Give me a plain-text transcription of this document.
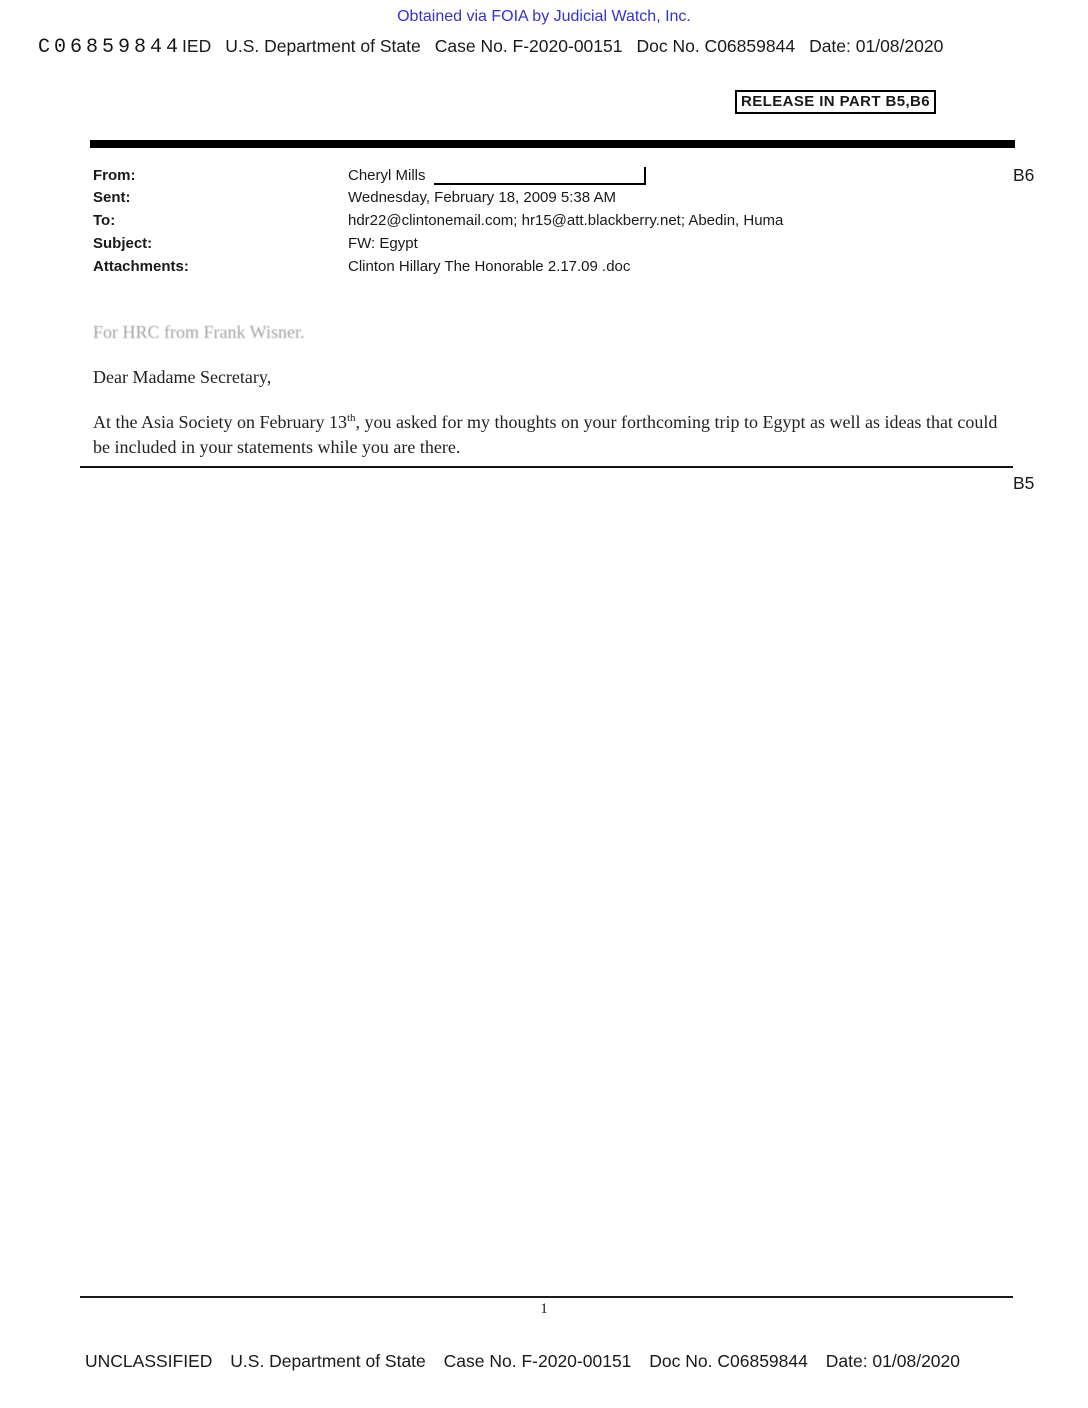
Obtained via FOIA by Judicial Watch, Inc.
C06859844 IED U.S. Department of State Case No. F-2020-00151 Doc No. C06859844 Date: 01/08/2020
RELEASE IN PART B5,B6
From:	Cheryl Mills
Sent:	Wednesday, February 18, 2009 5:38 AM
To:	hdr22@clintonemail.com; hr15@att.blackberry.net; Abedin, Huma
Subject:	FW: Egypt
Attachments:	Clinton Hillary The Honorable 2.17.09 .doc
B6
For HRC from Frank Wisner.
Dear Madame Secretary,
At the Asia Society on February 13th, you asked for my thoughts on your forthcoming trip to Egypt as well as ideas that could be included in your statements while you are there.
B5
1
UNCLASSIFIED U.S. Department of State Case No. F-2020-00151 Doc No. C06859844 Date: 01/08/2020
